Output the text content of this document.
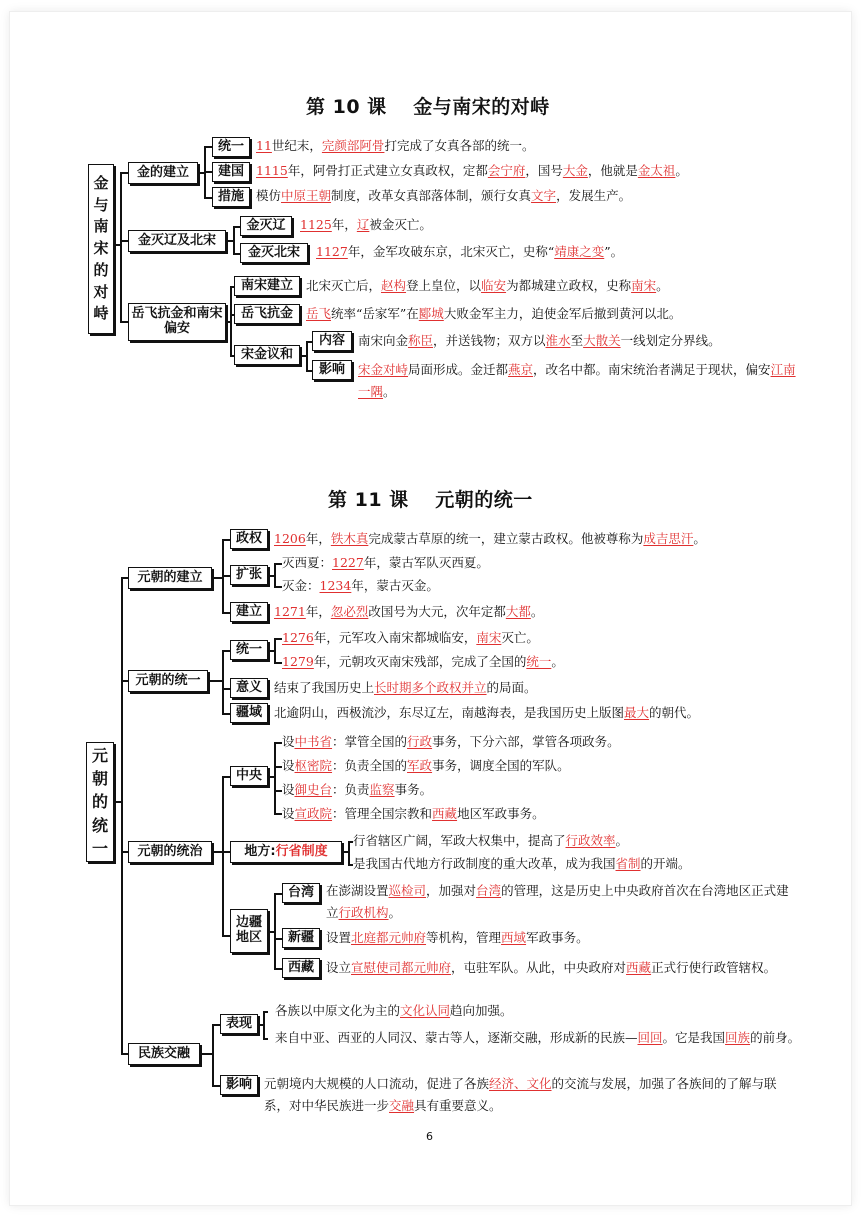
第 10 课　 金与南宋的对峙
金
与
南
宋
的
对
峙
金的建立
统一
建国
措施
11世纪末，完颜部阿骨打完成了女真各部的统一。
1115年，阿骨打正式建立女真政权，定都会宁府，国号大金，他就是金太祖。
模仿中原王朝制度，改革女真部落体制，颁行女真文字，发展生产。
金灭辽及北宋
金灭辽
金灭北宋
1125年，辽被金灭亡。
1127年，金军攻破东京，北宋灭亡，史称“靖康之变”。
岳飞抗金和南宋偏安
南宋建立
岳飞抗金
宋金议和
北宋灭亡后，赵构登上皇位，以临安为都城建立政权，史称南宋。
岳飞统率“岳家军”在郾城大败金军主力，迫使金军后撤到黄河以北。
内容
影响
南宋向金称臣，并送钱物；双方以淮水至大散关一线划定分界线。
宋金对峙局面形成。金迁都燕京，改名中都。南宋统治者满足于现状，偏安江南一隅。
第 11 课　 元朝的统一
元
朝
的
统
一
元朝的建立
政权
扩张
建立
1206年，铁木真完成蒙古草原的统一，建立蒙古政权。他被尊称为成吉思汗。
灭西夏：1227年，蒙古军队灭西夏。
灭金：1234年，蒙古灭金。
1271年，忽必烈改国号为大元，次年定都大都。
元朝的统一
统一
意义
疆域
1276年，元军攻入南宋都城临安，南宋灭亡。
1279年，元朝攻灭南宋残部，完成了全国的统一。
结束了我国历史上长时期多个政权并立的局面。
北逾阴山，西极流沙，东尽辽左，南越海表，是我国历史上版图最大的朝代。
元朝的统治
中央
设中书省：掌管全国的行政事务，下分六部，掌管各项政务。
设枢密院：负责全国的军政事务，调度全国的军队。
设御史台：负责监察事务。
设宣政院：管理全国宗教和西藏地区军政事务。
地方: 行省制度
行省辖区广阔，军政大权集中，提高了行政效率。
是我国古代地方行政制度的重大改革，成为我国省制的开端。
边疆地区
台湾
新疆
西藏
在澎湖设置巡检司，加强对台湾的管理，这是历史上中央政府首次在台湾地区正式建立行政机构。
设置北庭都元帅府等机构，管理西域军政事务。
设立宣慰使司都元帅府，屯驻军队。从此，中央政府对西藏正式行使行政管辖权。
民族交融
表现
影响
各族以中原文化为主的文化认同趋向加强。
来自中亚、西亚的人同汉、蒙古等人，逐渐交融，形成新的民族—回回。它是我国回族的前身。
元朝境内大规模的人口流动，促进了各族经济、文化的交流与发展，加强了各族间的了解与联系，对中华民族进一步交融具有重要意义。
6
